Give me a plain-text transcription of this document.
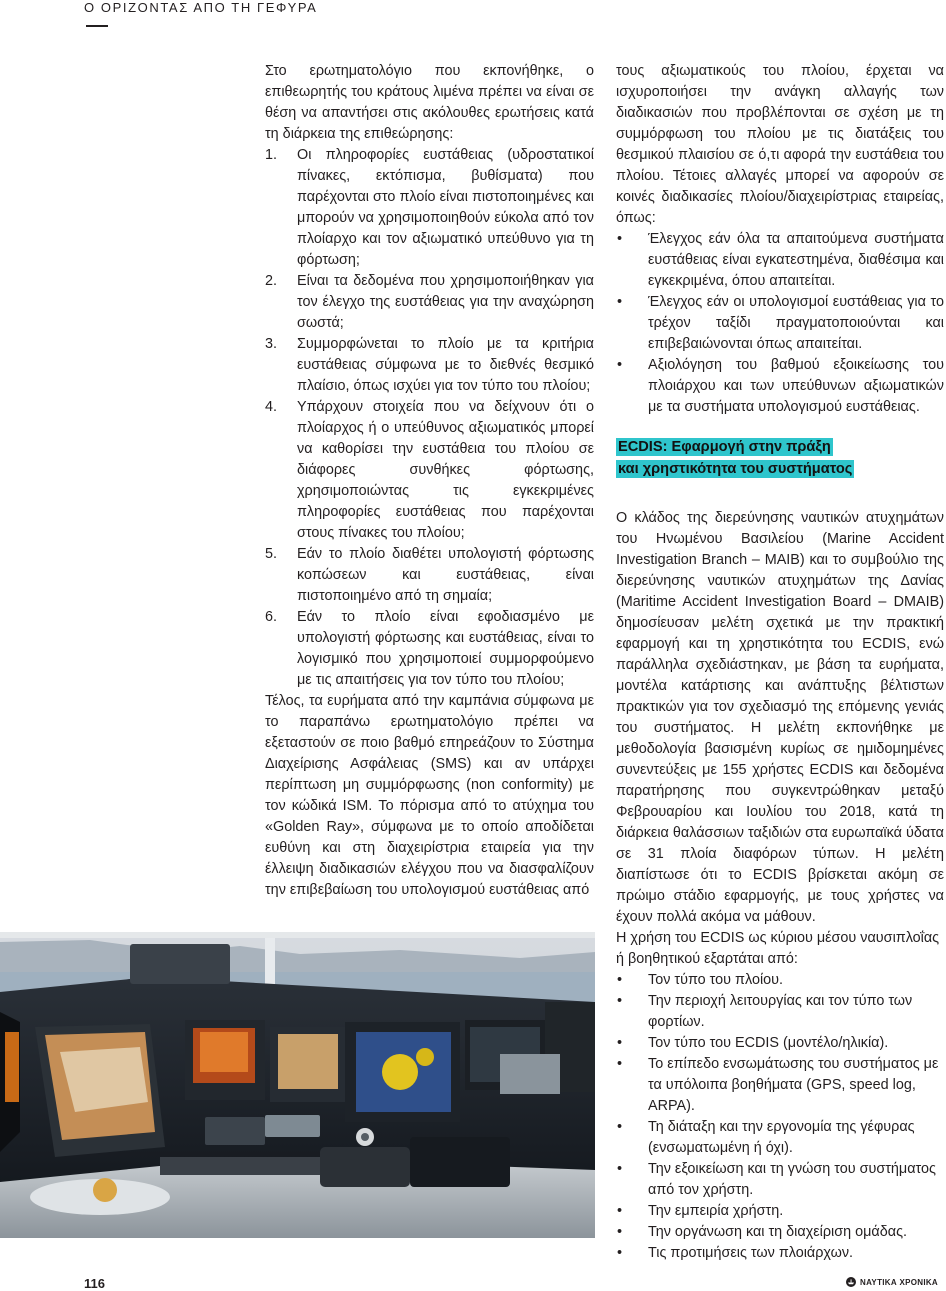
Ο ΟΡΙΖΟΝΤΑΣ ΑΠΟ ΤΗ ΓΕΦΥΡΑ

Στο ερωτηματολόγιο που εκπονήθηκε, ο επιθεωρητής του κράτους λιμένα πρέπει να είναι σε θέση να απαντήσει στις ακόλουθες ερωτήσεις κατά τη διάρκεια της επιθεώρησης:

1. Οι πληροφορίες ευστάθειας (υδροστατικοί πίνακες, εκτόπισμα, βυθίσματα) που παρέχονται στο πλοίο είναι πιστοποιημένες και μπορούν να χρησιμοποιηθούν εύκολα από τον πλοίαρχο και τον αξιωματικό υπεύθυνο για τη φόρτωση;
2. Είναι τα δεδομένα που χρησιμοποιήθηκαν για τον έλεγχο της ευστάθειας για την αναχώρηση σωστά;
3. Συμμορφώνεται το πλοίο με τα κριτήρια ευστάθειας σύμφωνα με το διεθνές θεσμικό πλαίσιο, όπως ισχύει για τον τύπο του πλοίου;
4. Υπάρχουν στοιχεία που να δείχνουν ότι ο πλοίαρχος ή ο υπεύθυνος αξιωματικός μπορεί να καθορίσει την ευστάθεια του πλοίου σε διάφορες συνθήκες φόρτωσης, χρησιμοποιώντας τις εγκεκριμένες πληροφορίες ευστάθειας που παρέχονται στους πίνακες του πλοίου;
5. Εάν το πλοίο διαθέτει υπολογιστή φόρτωσης κοπώσεων και ευστάθειας, είναι πιστοποιημένο από τη σημαία;
6. Εάν το πλοίο είναι εφοδιασμένο με υπολογιστή φόρτωσης και ευστάθειας, είναι το λογισμικό που χρησιμοποιεί συμμορφούμενο με τις απαιτήσεις για τον τύπο του πλοίου;

Τέλος, τα ευρήματα από την καμπάνια σύμφωνα με το παραπάνω ερωτηματολόγιο πρέπει να εξεταστούν σε ποιο βαθμό επηρεάζουν το Σύστημα Διαχείρισης Ασφάλειας (SMS) και αν υπάρχει περίπτωση μη συμμόρφωσης (non conformity) με τον κώδικά ISM. Το πόρισμα από το ατύχημα του «Golden Ray», σύμφωνα με το οποίο αποδίδεται ευθύνη και στη διαχειρίστρια εταιρεία για την έλλειψη διαδικασιών ελέγχου που να διασφαλίζουν την επιβεβαίωση του υπολογισμού ευστάθειας από

τους αξιωματικούς του πλοίου, έρχεται να ισχυροποιήσει την ανάγκη αλλαγής των διαδικασιών που προβλέπονται σε σχέση με τη συμμόρφωση του πλοίου με τις διατάξεις του θεσμικού πλαισίου σε ό,τι αφορά την ευστάθεια του πλοίου. Τέτοιες αλλαγές μπορεί να αφορούν σε κοινές διαδικασίες πλοίου/διαχειρίστριας εταιρείας, όπως:

• Έλεγχος εάν όλα τα απαιτούμενα συστήματα ευστάθειας είναι εγκατεστημένα, διαθέσιμα και εγκεκριμένα, όπου απαιτείται.
• Έλεγχος εάν οι υπολογισμοί ευστάθειας για το τρέχον ταξίδι πραγματοποιούνται και επιβεβαιώνονται όπως απαιτείται.
• Αξιολόγηση του βαθμού εξοικείωσης του πλοιάρχου και των υπεύθυνων αξιωματικών με τα συστήματα υπολογισμού ευστάθειας.
ECDIS: Εφαρμογή στην πράξη
και χρηστικότητα του συστήματος

Ο κλάδος της διερεύνησης ναυτικών ατυχημάτων του Ηνωμένου Βασιλείου (Marine Accident Investigation Branch – MAIB) και το συμβούλιο της διερεύνησης ναυτικών ατυχημάτων της Δανίας (Maritime Accident Investigation Board – DMAIB) δημοσίευσαν μελέτη σχετικά με την πρακτική εφαρμογή και τη χρηστικότητα του ECDIS, ενώ παράλληλα σχεδιάστηκαν, με βάση τα ευρήματα, μοντέλα κατάρτισης και ανάπτυξης βέλτιστων πρακτικών για τον σχεδιασμό της επόμενης γενιάς του συστήματος. Η μελέτη εκπονήθηκε με μεθοδολογία βασισμένη κυρίως σε ημιδομημένες συνεντεύξεις με 155 χρήστες ECDIS και δεδομένα παρατήρησης που συγκεντρώθηκαν μεταξύ Φεβρουαρίου και Ιουλίου του 2018, κατά τη διάρκεια θαλάσσιων ταξιδιών στα ευρωπαϊκά ύδατα σε 31 πλοία διαφόρων τύπων. Η μελέτη διαπίστωσε ότι το ECDIS βρίσκεται ακόμη σε πρώιμο στάδιο εφαρμογής, με τους χρήστες να έχουν πολλά ακόμα να μάθουν.

Η χρήση του ECDIS ως κύριου μέσου ναυσιπλοΐας ή βοηθητικού εξαρτάται από:

• Τον τύπο του πλοίου.
• Την περιοχή λειτουργίας και τον τύπο των φορτίων.
• Τον τύπο του ECDIS (μοντέλο/ηλικία).
• Το επίπεδο ενσωμάτωσης του συστήματος με τα υπόλοιπα βοηθήματα (GPS, speed log, ARPA).
• Τη διάταξη και την εργονομία της γέφυρας (ενσωματωμένη ή όχι).
• Την εξοικείωση και τη γνώση του συστήματος από τον χρήστη.
• Την εμπειρία χρήστη.
• Την οργάνωση και τη διαχείριση ομάδας.
• Τις προτιμήσεις των πλοιάρχων.
116	ΝΑΥΤΙΚΑ ΧΡΟΝΙΚΑ
